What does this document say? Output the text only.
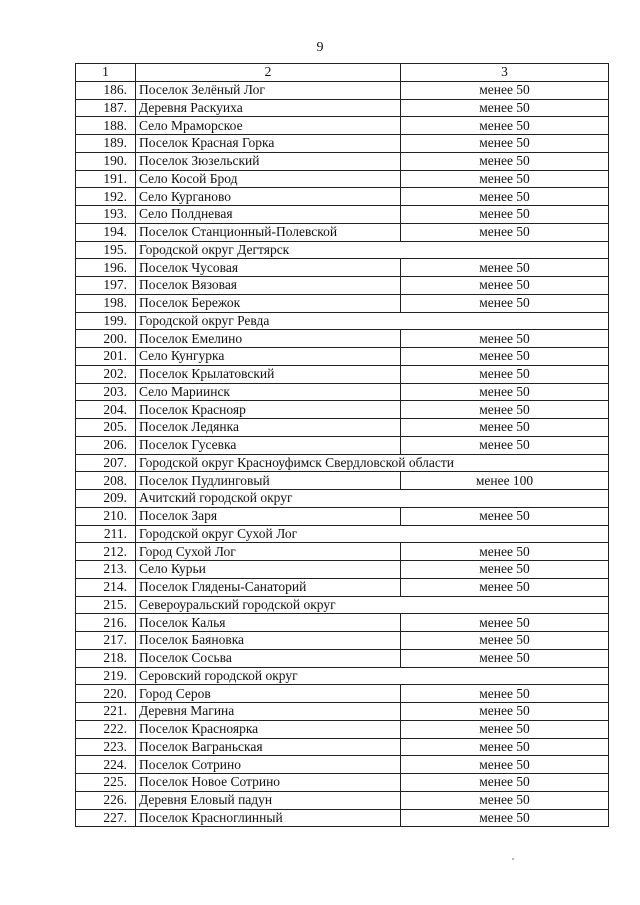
9
1	2	3
186.	Поселок Зелёный Лог	менее 50
187.	Деревня Раскуиха	менее 50
188.	Село Мраморское	менее 50
189.	Поселок Красная Горка	менее 50
190.	Поселок Зюзельский	менее 50
191.	Село Косой Брод	менее 50
192.	Село Курганово	менее 50
193.	Село Полдневая	менее 50
194.	Поселок Станционный-Полевской	менее 50
195.	Городской округ Дегтярск	
196.	Поселок Чусовая	менее 50
197.	Поселок Вязовая	менее 50
198.	Поселок Бережок	менее 50
199.	Городской округ Ревда	
200.	Поселок Емелино	менее 50
201.	Село Кунгурка	менее 50
202.	Поселок Крылатовский	менее 50
203.	Село Мариинск	менее 50
204.	Поселок Краснояр	менее 50
205.	Поселок Ледянка	менее 50
206.	Поселок Гусевка	менее 50
207.	Городской округ Красноуфимск Свердловской области	
208.	Поселок Пудлинговый	менее 100
209.	Ачитский городской округ	
210.	Поселок Заря	менее 50
211.	Городской округ Сухой Лог	
212.	Город Сухой Лог	менее 50
213.	Село Курьи	менее 50
214.	Поселок Глядены-Санаторий	менее 50
215.	Североуральский городской округ	
216.	Поселок Калья	менее 50
217.	Поселок Баяновка	менее 50
218.	Поселок Сосьва	менее 50
219.	Серовский городской округ	
220.	Город Серов	менее 50
221.	Деревня Магина	менее 50
222.	Поселок Красноярка	менее 50
223.	Поселок Ваграньская	менее 50
224.	Поселок Сотрино	менее 50
225.	Поселок Новое Сотрино	менее 50
226.	Деревня Еловый падун	менее 50
227.	Поселок Красноглинный	менее 50
